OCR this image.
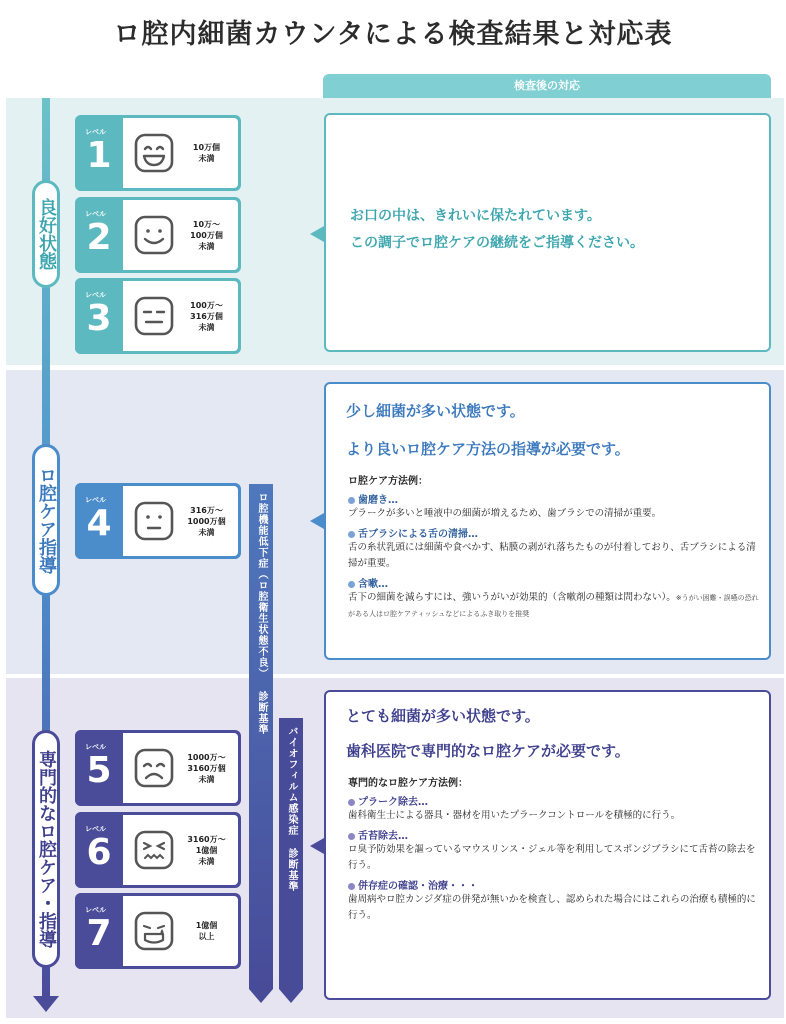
ロ腔内細菌カウンタによる検査結果と対応表
検査後の対応
良好状態
ロ腔ケア指導
専門的なロ腔ケア・指導
レベル
1	10万個
未満
レベル
2	10万〜
100万個
未満
レベル
3	100万〜
316万個
未満
レベル
4	316万〜
1000万個
未満
レベル
5	1000万〜
3160万個
未満
レベル
6	3160万〜
1億個
未満
レベル
7	1億個
以上
お口の中は、きれいに保たれています。
この調子でロ腔ケアの継続をご指導ください。
少し細菌が多い状態です。
より良いロ腔ケア方法の指導が必要です。
ロ腔ケア方法例：
歯磨き…
プラークが多いと唾液中の細菌が増えるため、歯ブラシでの清掃が重要。
舌ブラシによる舌の清掃…
舌の糸状乳頭には細菌や食べかす、粘膜の剥がれ落ちたものが付着しており、舌ブラシによる清掃が重要。
含嗽…
舌下の細菌を減らすには、強いうがいが効果的（含嗽剤の種類は問わない）。※うがい困難・誤嚥の恐れがある人はロ腔ケアティッシュなどによるふき取りを推奨
とても細菌が多い状態です。
歯科医院で専門的なロ腔ケアが必要です。
専門的なロ腔ケア方法例：
プラーク除去…
歯科衛生士による器具・器材を用いたプラークコントロールを積極的に行う。
舌苔除去…
ロ臭予防効果を謳っているマウスリンス・ジェル等を利用してスポンジブラシにて舌苔の除去を行う。
併存症の確認・治療・・・
歯周病やロ腔カンジダ症の併発が無いかを検査し、認められた場合にはこれらの治療も積極的に行う。
ロ腔機能低下症（ロ腔衛生状態不良） 診断基準
バイオフィルム感染症 診断基準
